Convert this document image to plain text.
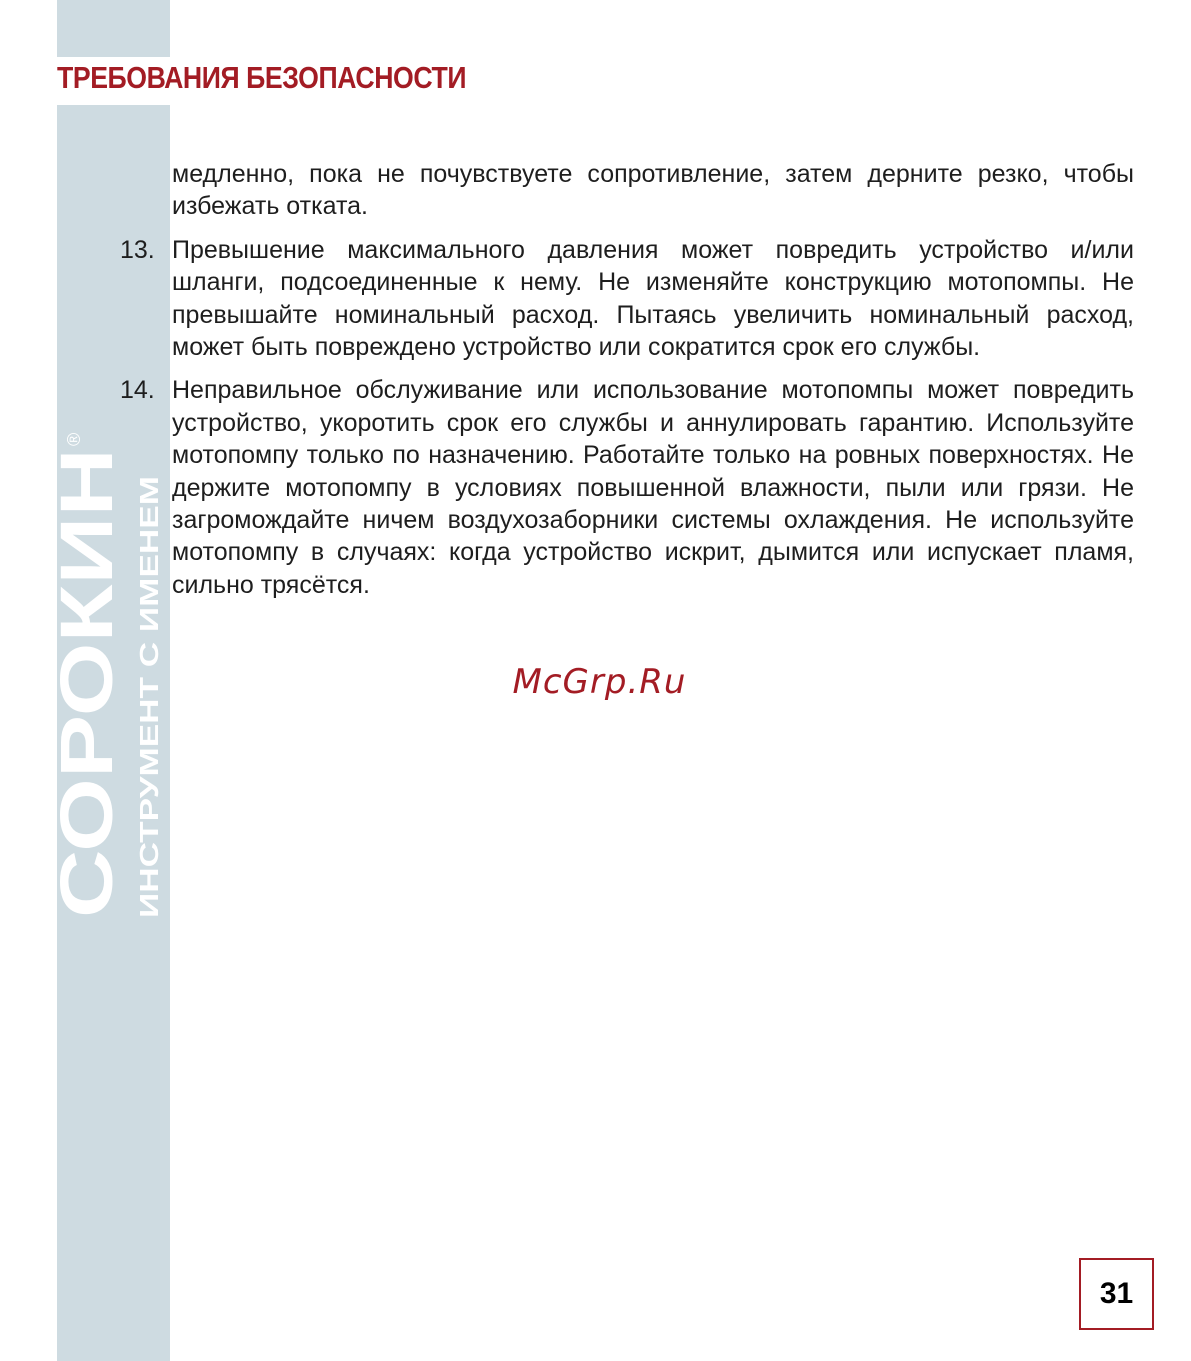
ТРЕБОВАНИЯ БЕЗОПАСНОСТИ
СОРОКИН ИНСТРУМЕНТ С ИМЕНЕМ
®

медленно, пока не почувствуете сопротивление, затем дерните резко, чтобы избежать отката.

13. Превышение максимального давления может повредить устройство и/или шланги, подсоединенные к нему. Не изменяйте конструкцию мотопомпы. Не превышайте номинальный расход. Пытаясь увеличить номинальный расход, может быть повреждено устройство или сократится срок его службы.

14. Неправильное обслуживание или использование мотопомпы может повредить устройство, укоротить срок его службы и аннулировать гарантию. Используйте мотопомпу только по назначению. Работайте только на ровных поверхностях. Не держите мотопомпу в условиях повышенной влажности, пыли или грязи. Не загромождайте ничем воздухозаборники системы охлаждения. Не используйте мотопомпу в случаях: когда устройство искрит, дымится или испускает пламя, сильно трясётся.

McGrp.Ru
31
